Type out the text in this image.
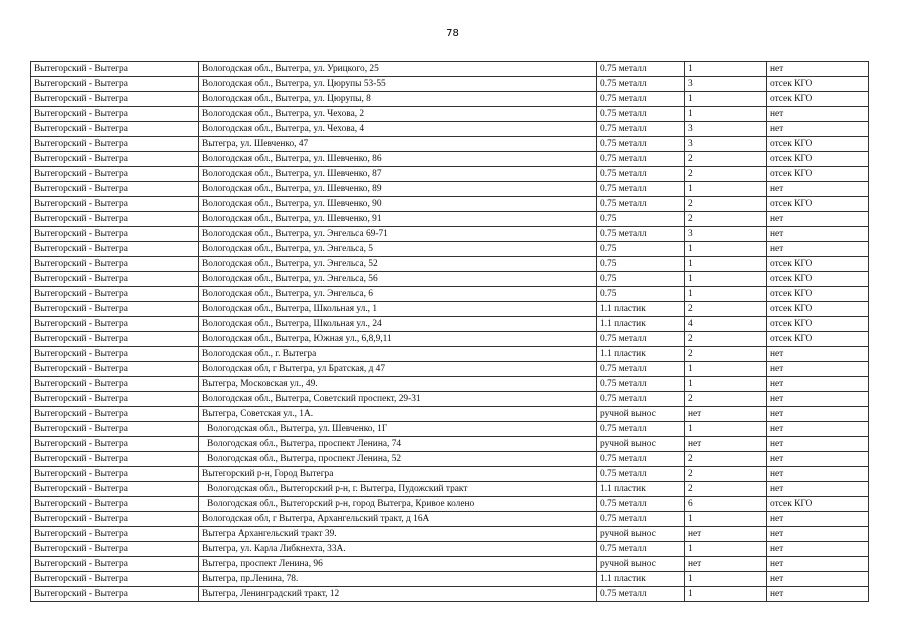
78
Вытегорский - Вытегра	Вологодская обл., Вытегра, ул. Урицкого, 25	0.75 металл	1	нет
Вытегорский - Вытегра	Вологодская обл., Вытегра, ул. Цюрупы 53-55	0.75 металл	3	отсек КГО
Вытегорский - Вытегра	Вологодская обл., Вытегра, ул. Цюрупы, 8	0.75 металл	1	отсек КГО
Вытегорский - Вытегра	Вологодская обл., Вытегра, ул. Чехова, 2	0.75 металл	1	нет
Вытегорский - Вытегра	Вологодская обл., Вытегра, ул. Чехова, 4	0.75 металл	3	нет
Вытегорский - Вытегра	Вытегра, ул. Шевченко, 47	0.75 металл	3	отсек КГО
Вытегорский - Вытегра	Вологодская обл., Вытегра, ул. Шевченко, 86	0.75 металл	2	отсек КГО
Вытегорский - Вытегра	Вологодская обл., Вытегра, ул. Шевченко, 87	0.75 металл	2	отсек КГО
Вытегорский - Вытегра	Вологодская обл., Вытегра, ул. Шевченко, 89	0.75 металл	1	нет
Вытегорский - Вытегра	Вологодская обл., Вытегра, ул. Шевченко, 90	0.75 металл	2	отсек КГО
Вытегорский - Вытегра	Вологодская обл., Вытегра, ул. Шевченко, 91	0.75	2	нет
Вытегорский - Вытегра	Вологодская обл., Вытегра, ул. Энгельса 69-71	0.75 металл	3	нет
Вытегорский - Вытегра	Вологодская обл., Вытегра, ул. Энгельса, 5	0.75	1	нет
Вытегорский - Вытегра	Вологодская обл., Вытегра, ул. Энгельса, 52	0.75	1	отсек КГО
Вытегорский - Вытегра	Вологодская обл., Вытегра, ул. Энгельса, 56	0.75	1	отсек КГО
Вытегорский - Вытегра	Вологодская обл., Вытегра, ул. Энгельса, 6	0.75	1	отсек КГО
Вытегорский - Вытегра	Вологодская обл., Вытегра, Школьная ул., 1	1.1 пластик	2	отсек КГО
Вытегорский - Вытегра	Вологодская обл., Вытегра, Школьная ул., 24	1.1 пластик	4	отсек КГО
Вытегорский - Вытегра	Вологодская обл., Вытегра, Южная ул., 6,8,9,11	0.75 металл	2	отсек КГО
Вытегорский - Вытегра	Вологодская обл., г. Вытегра	1.1 пластик	2	нет
Вытегорский - Вытегра	Вологодская обл, г Вытегра, ул Братская, д 47	0.75 металл	1	нет
Вытегорский - Вытегра	Вытегра, Московская ул., 49.	0.75 металл	1	нет
Вытегорский - Вытегра	Вологодская обл., Вытегра, Советский проспект, 29-31	0.75 металл	2	нет
Вытегорский - Вытегра	Вытегра, Советская ул., 1А.	ручной вынос	нет	нет
Вытегорский - Вытегра	Вологодская обл., Вытегра, ул. Шевченко, 1Г	0.75 металл	1	нет
Вытегорский - Вытегра	Вологодская обл., Вытегра, проспект Ленина, 74	ручной вынос	нет	нет
Вытегорский - Вытегра	Вологодская обл., Вытегра, проспект Ленина, 52	0.75 металл	2	нет
Вытегорский - Вытегра	Вытегорский р-н, Город Вытегра	0.75 металл	2	нет
Вытегорский - Вытегра	Вологодская обл., Вытегорский р-н, г. Вытегра, Пудожский тракт	1.1 пластик	2	нет
Вытегорский - Вытегра	Вологодская обл., Вытегорский р-н, город Вытегра, Кривое колено	0.75 металл	6	отсек КГО
Вытегорский - Вытегра	Вологодская обл, г Вытегра, Архангельский тракт, д 16А	0.75 металл	1	нет
Вытегорский - Вытегра	Вытегра Архангельский тракт 39.	ручной вынос	нет	нет
Вытегорский - Вытегра	Вытегра, ул. Карла Либкнехта, 33А.	0.75 металл	1	нет
Вытегорский - Вытегра	Вытегра, проспект Ленина, 96	ручной вынос	нет	нет
Вытегорский - Вытегра	Вытегра, пр.Ленина, 78.	1.1 пластик	1	нет
Вытегорский - Вытегра	Вытегра, Ленинградский тракт, 12	0.75 металл	1	нет
